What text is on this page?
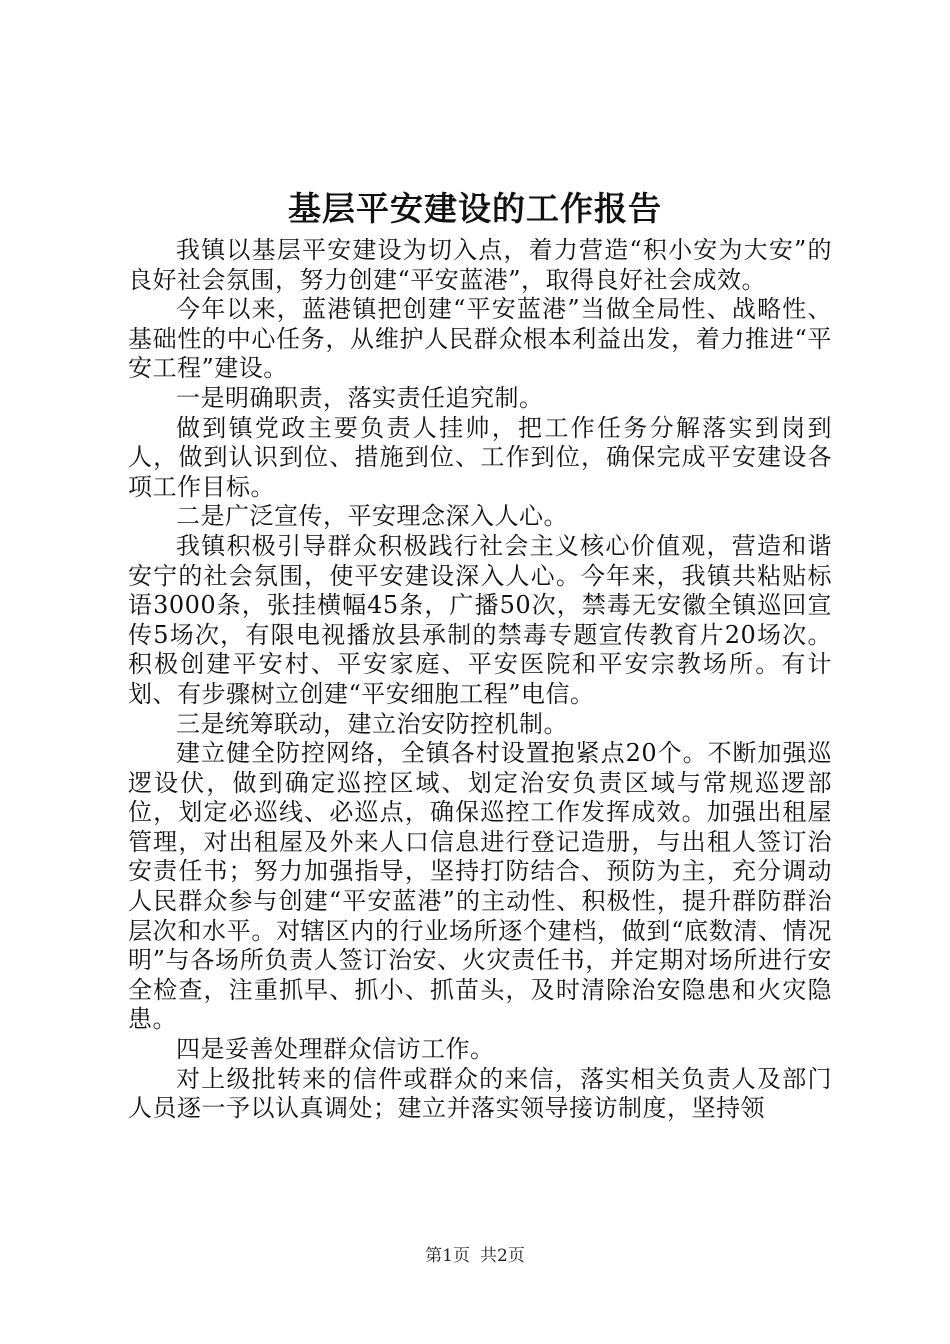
基层平安建设的工作报告

我镇以基层平安建设为切入点，着力营造“积小安为大安”的良好社会氛围，努力创建“平安蓝港”，取得良好社会成效。

今年以来，蓝港镇把创建“平安蓝港”当做全局性、战略性、基础性的中心任务，从维护人民群众根本利益出发，着力推进“平安工程”建设。

一是明确职责，落实责任追究制。

做到镇党政主要负责人挂帅，把工作任务分解落实到岗到人，做到认识到位、措施到位、工作到位，确保完成平安建设各项工作目标。

二是广泛宣传，平安理念深入人心。

我镇积极引导群众积极践行社会主义核心价值观，营造和谐安宁的社会氛围，使平安建设深入人心。今年来，我镇共粘贴标语3000条，张挂横幅45条，广播50次，禁毒无安徽全镇巡回宣传5场次，有限电视播放县承制的禁毒专题宣传教育片20场次。积极创建平安村、平安家庭、平安医院和平安宗教场所。有计划、有步骤树立创建“平安细胞工程”电信。

三是统筹联动，建立治安防控机制。

建立健全防控网络，全镇各村设置抱紧点20个。不断加强巡逻设伏，做到确定巡控区域、划定治安负责区域与常规巡逻部位，划定必巡线、必巡点，确保巡控工作发挥成效。加强出租屋管理，对出租屋及外来人口信息进行登记造册，与出租人签订治安责任书；努力加强指导，坚持打防结合、预防为主，充分调动人民群众参与创建“平安蓝港”的主动性、积极性，提升群防群治层次和水平。对辖区内的行业场所逐个建档，做到“底数清、情况明”与各场所负责人签订治安、火灾责任书，并定期对场所进行安全检查，注重抓早、抓小、抓苗头，及时清除治安隐患和火灾隐患。

四是妥善处理群众信访工作。

对上级批转来的信件或群众的来信，落实相关负责人及部门人员逐一予以认真调处；建立并落实领导接访制度，坚持领

第1页 共2页
